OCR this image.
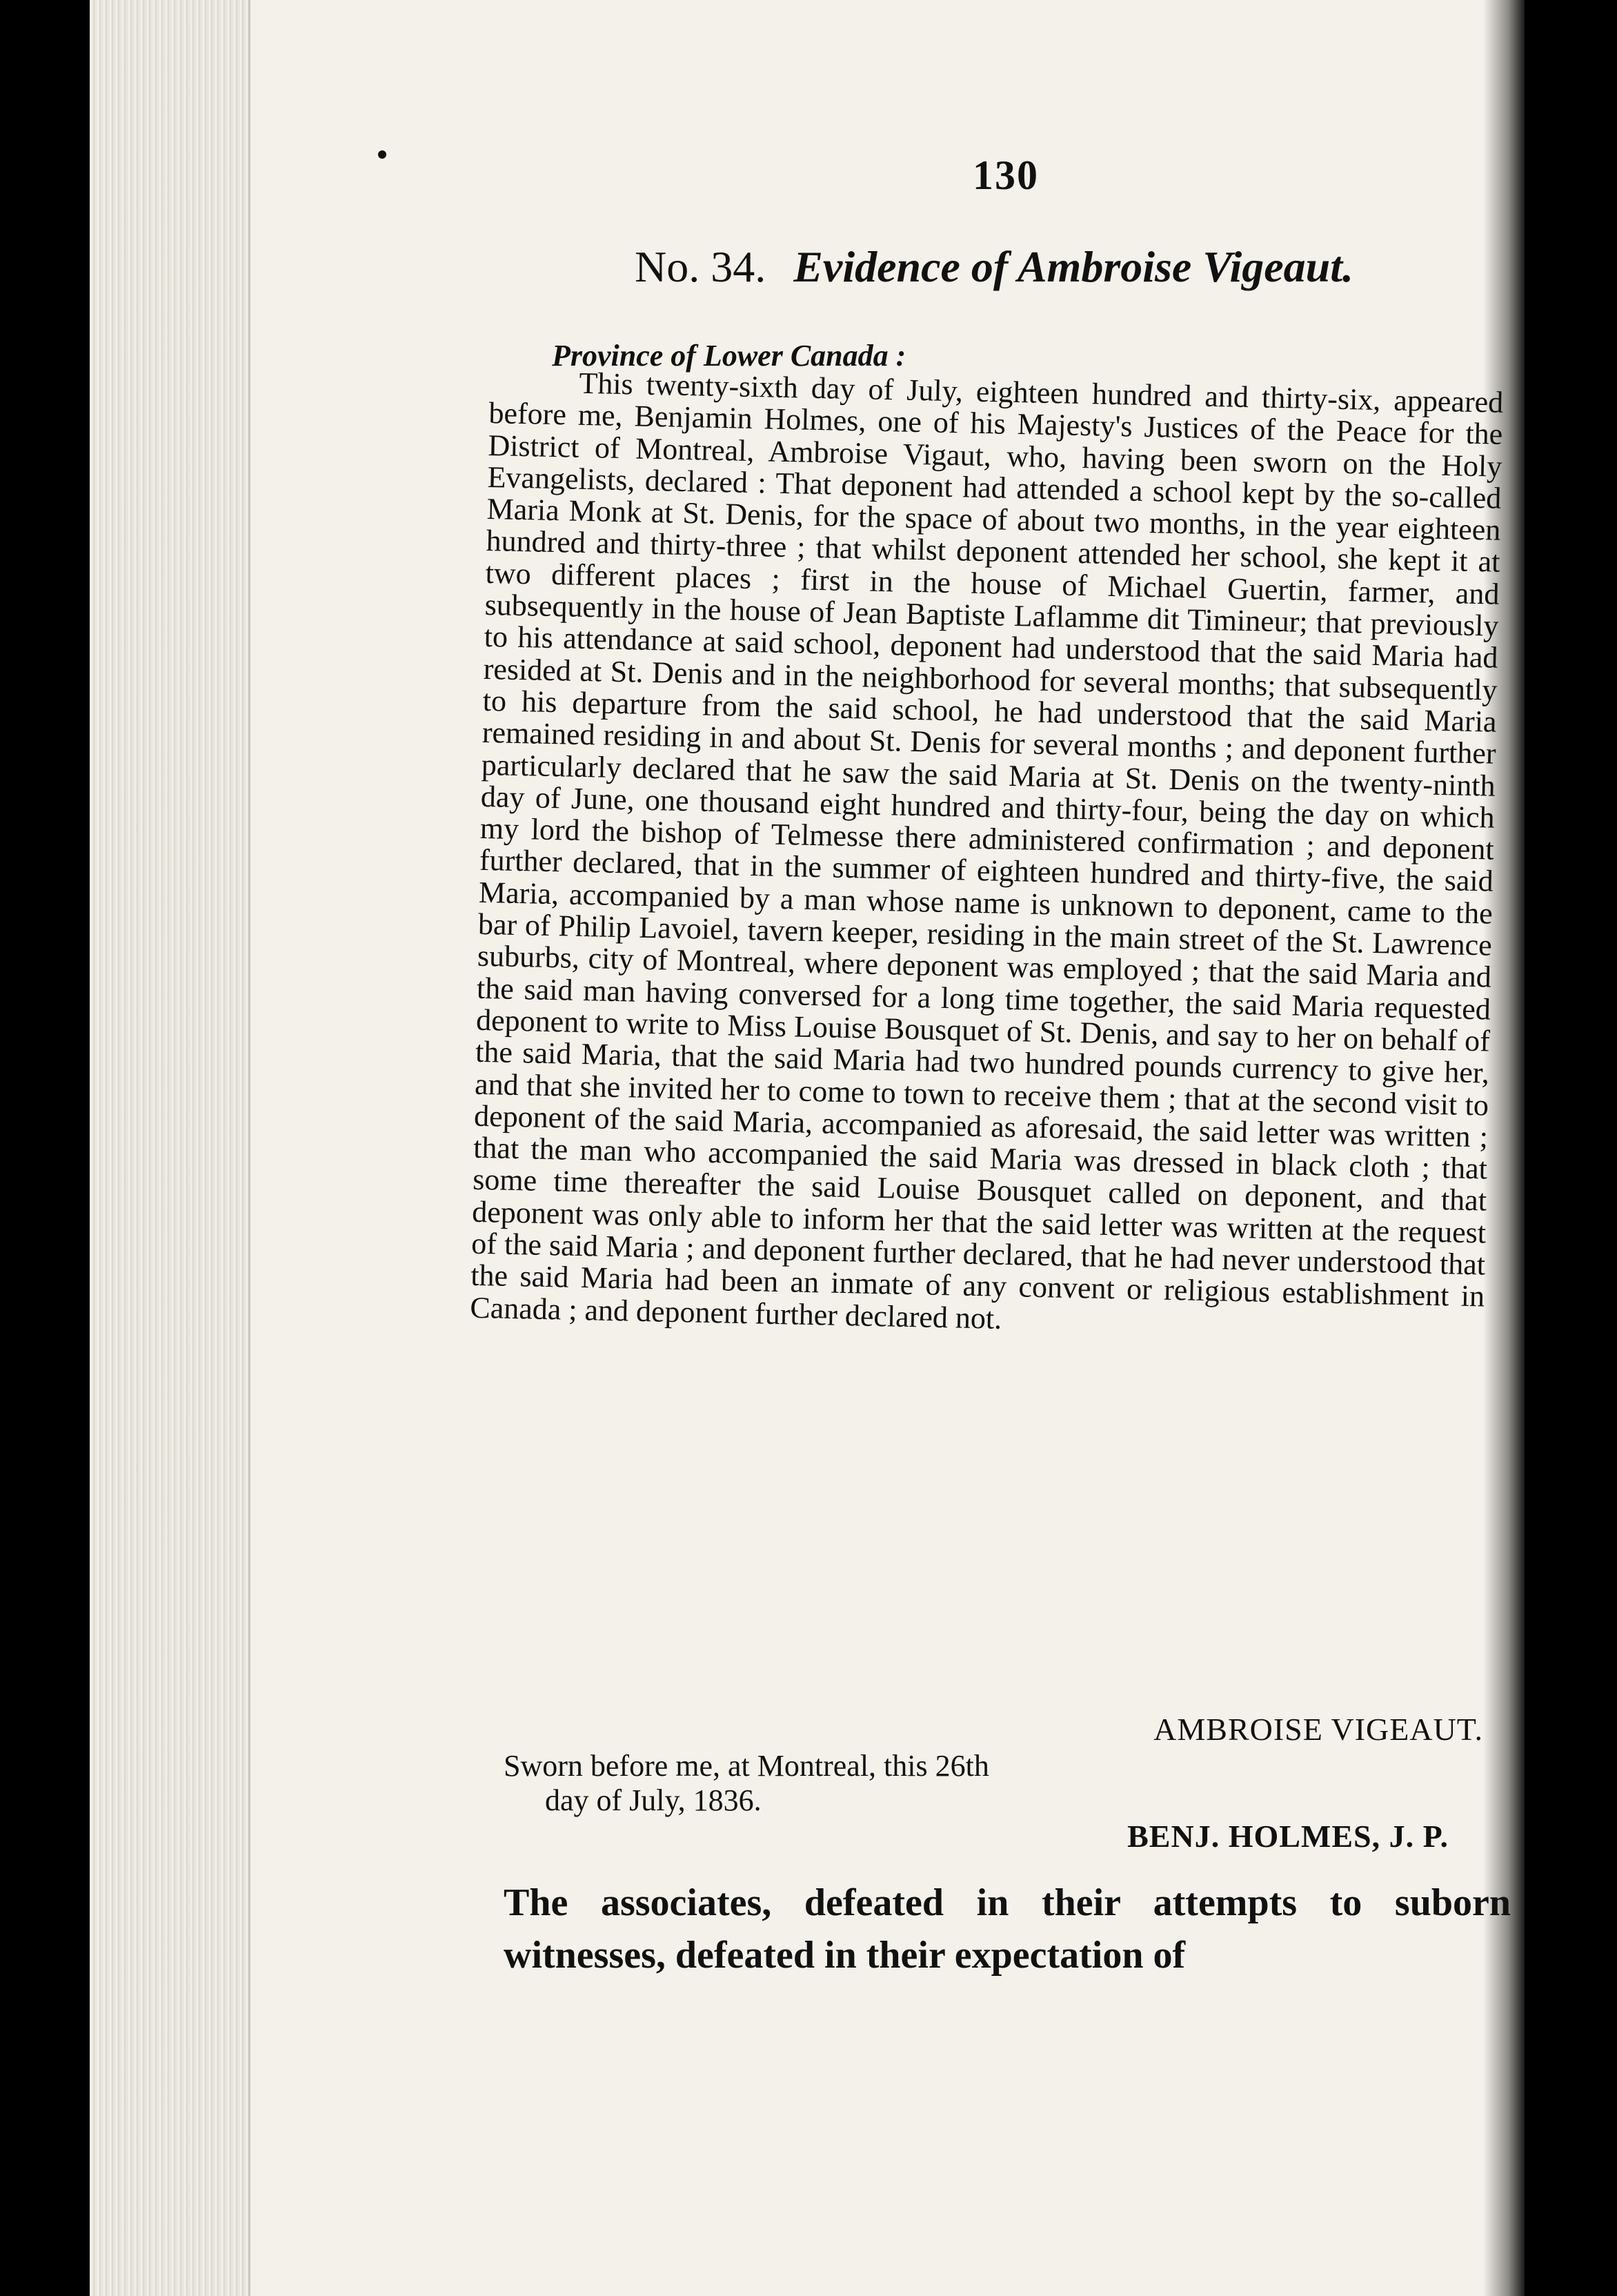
130
No. 34. Evidence of Ambroise Vigeaut.
Province of Lower Canada :
This twenty-sixth day of July, eighteen hundred and thirty-six, appeared before me, Benjamin Holmes, one of his Majesty's Justices of the Peace for the District of Montreal, Ambroise Vigaut, who, having been sworn on the Holy Evangelists, declared : That deponent had attended a school kept by the so-called Maria Monk at St. Denis, for the space of about two months, in the year eighteen hundred and thirty-three ; that whilst deponent attended her school, she kept it at two different places ; first in the house of Michael Guertin, farmer, and subsequently in the house of Jean Baptiste Laflamme dit Timineur; that previously to his attendance at said school, deponent had understood that the said Maria had resided at St. Denis and in the neighborhood for several months; that subsequently to his departure from the said school, he had understood that the said Maria remained residing in and about St. Denis for several months ; and deponent further particularly declared that he saw the said Maria at St. Denis on the twenty-ninth day of June, one thousand eight hundred and thirty-four, being the day on which my lord the bishop of Telmesse there administered confirmation ; and deponent further declared, that in the summer of eighteen hundred and thirty-five, the said Maria, accompanied by a man whose name is unknown to deponent, came to the bar of Philip Lavoiel, tavern keeper, residing in the main street of the St. Lawrence suburbs, city of Montreal, where deponent was employed ; that the said Maria and the said man having conversed for a long time together, the said Maria requested deponent to write to Miss Louise Bousquet of St. Denis, and say to her on behalf of the said Maria, that the said Maria had two hundred pounds currency to give her, and that she invited her to come to town to receive them ; that at the second visit to deponent of the said Maria, accompanied as aforesaid, the said letter was written ; that the man who accompanied the said Maria was dressed in black cloth ; that some time thereafter the said Louise Bousquet called on deponent, and that deponent was only able to inform her that the said letter was written at the request of the said Maria ; and deponent further declared, that he had never understood that the said Maria had been an inmate of any convent or religious establishment in Canada ; and deponent further declared not.
AMBROISE VIGEAUT.
Sworn before me, at Montreal, this 26th
day of July, 1836.
BENJ. HOLMES, J. P.
The associates, defeated in their attempts to suborn witnesses, defeated in their expectation of
